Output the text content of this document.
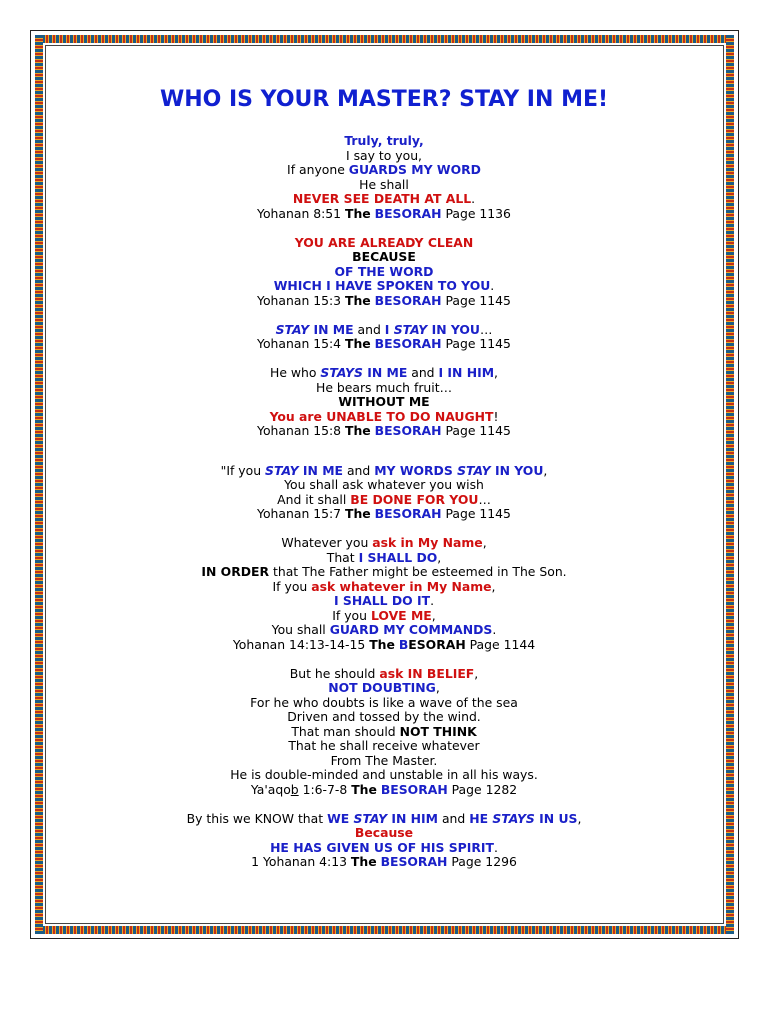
WHO IS YOUR MASTER? STAY IN ME!
Truly, truly,
I say to you,
If anyone GUARDS MY WORD
He shall
NEVER SEE DEATH AT ALL.
Yohanan 8:51 The BESORAH Page 1136
YOU ARE ALREADY CLEAN
BECAUSE
OF THE WORD
WHICH I HAVE SPOKEN TO YOU.
Yohanan 15:3 The BESORAH Page 1145
STAY IN ME and I STAY IN YOU…
Yohanan 15:4 The BESORAH Page 1145
He who STAYS IN ME and I IN HIM,
He bears much fruit…
WITHOUT ME
You are UNABLE TO DO NAUGHT!
Yohanan 15:8 The BESORAH Page 1145
"If you STAY IN ME and MY WORDS STAY IN YOU,
You shall ask whatever you wish
And it shall BE DONE FOR YOU…
Yohanan 15:7 The BESORAH Page 1145
Whatever you ask in My Name,
That I SHALL DO,
IN ORDER that The Father might be esteemed in The Son.
If you ask whatever in My Name,
I SHALL DO IT.
If you LOVE ME,
You shall GUARD MY COMMANDS.
Yohanan 14:13-14-15 The BESORAH Page 1144
But he should ask IN BELIEF,
NOT DOUBTING,
For he who doubts is like a wave of the sea
Driven and tossed by the wind.
That man should NOT THINK
That he shall receive whatever
From The Master.
He is double-minded and unstable in all his ways.
Ya'aqob 1:6-7-8 The BESORAH Page 1282
By this we KNOW that WE STAY IN HIM and HE STAYS IN US,
Because
HE HAS GIVEN US OF HIS SPIRIT.
1 Yohanan 4:13 The BESORAH Page 1296
